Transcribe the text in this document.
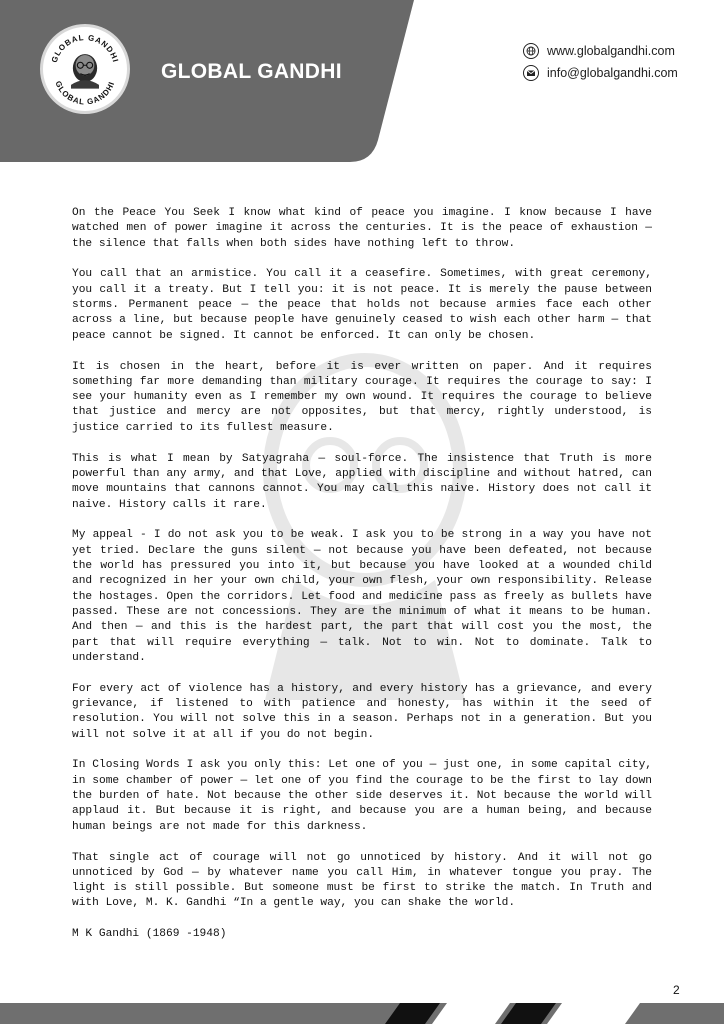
GLOBAL GANDHI
GLOBAL GANDHI
GLOBAL GANDHI
www.globalgandhi.com
info@globalgandhi.com

On the Peace You Seek I know what kind of peace you imagine. I know because I have watched men of power imagine it across the centuries. It is the peace of exhaustion — the silence that falls when both sides have nothing left to throw.

You call that an armistice. You call it a ceasefire. Sometimes, with great ceremony, you call it a treaty. But I tell you: it is not peace. It is merely the pause between storms. Permanent peace — the peace that holds not because armies face each other across a line, but because people have genuinely ceased to wish each other harm — that peace cannot be signed. It cannot be enforced. It can only be chosen.

It is chosen in the heart, before it is ever written on paper. And it requires something far more demanding than military courage. It requires the courage to say: I see your humanity even as I remember my own wound. It requires the courage to believe that justice and mercy are not opposites, but that mercy, rightly understood, is justice carried to its fullest measure.

This is what I mean by Satyagraha — soul-force. The insistence that Truth is more powerful than any army, and that Love, applied with discipline and without hatred, can move mountains that cannons cannot. You may call this naive. History does not call it naive. History calls it rare.

My appeal - I do not ask you to be weak. I ask you to be strong in a way you have not yet tried. Declare the guns silent — not because you have been defeated, not because the world has pressured you into it, but because you have looked at a wounded child and recognized in her your own child, your own flesh, your own responsibility. Release the hostages. Open the corridors. Let food and medicine pass as freely as bullets have passed. These are not concessions. They are the minimum of what it means to be human. And then — and this is the hardest part, the part that will cost you the most, the part that will require everything — talk. Not to win. Not to dominate. Talk to understand.

For every act of violence has a history, and every history has a grievance, and every grievance, if listened to with patience and honesty, has within it the seed of resolution. You will not solve this in a season. Perhaps not in a generation. But you will not solve it at all if you do not begin.

In Closing Words I ask you only this: Let one of you — just one, in some capital city, in some chamber of power — let one of you find the courage to be the first to lay down the burden of hate. Not because the other side deserves it. Not because the world will applaud it. But because it is right, and because you are a human being, and because human beings are not made for this darkness.

That single act of courage will not go unnoticed by history. And it will not go unnoticed by God — by whatever name you call Him, in whatever tongue you pray. The light is still possible. But someone must be first to strike the match. In Truth and with Love, M. K. Gandhi “In a gentle way, you can shake the world.

M K Gandhi (1869 -1948)
2
